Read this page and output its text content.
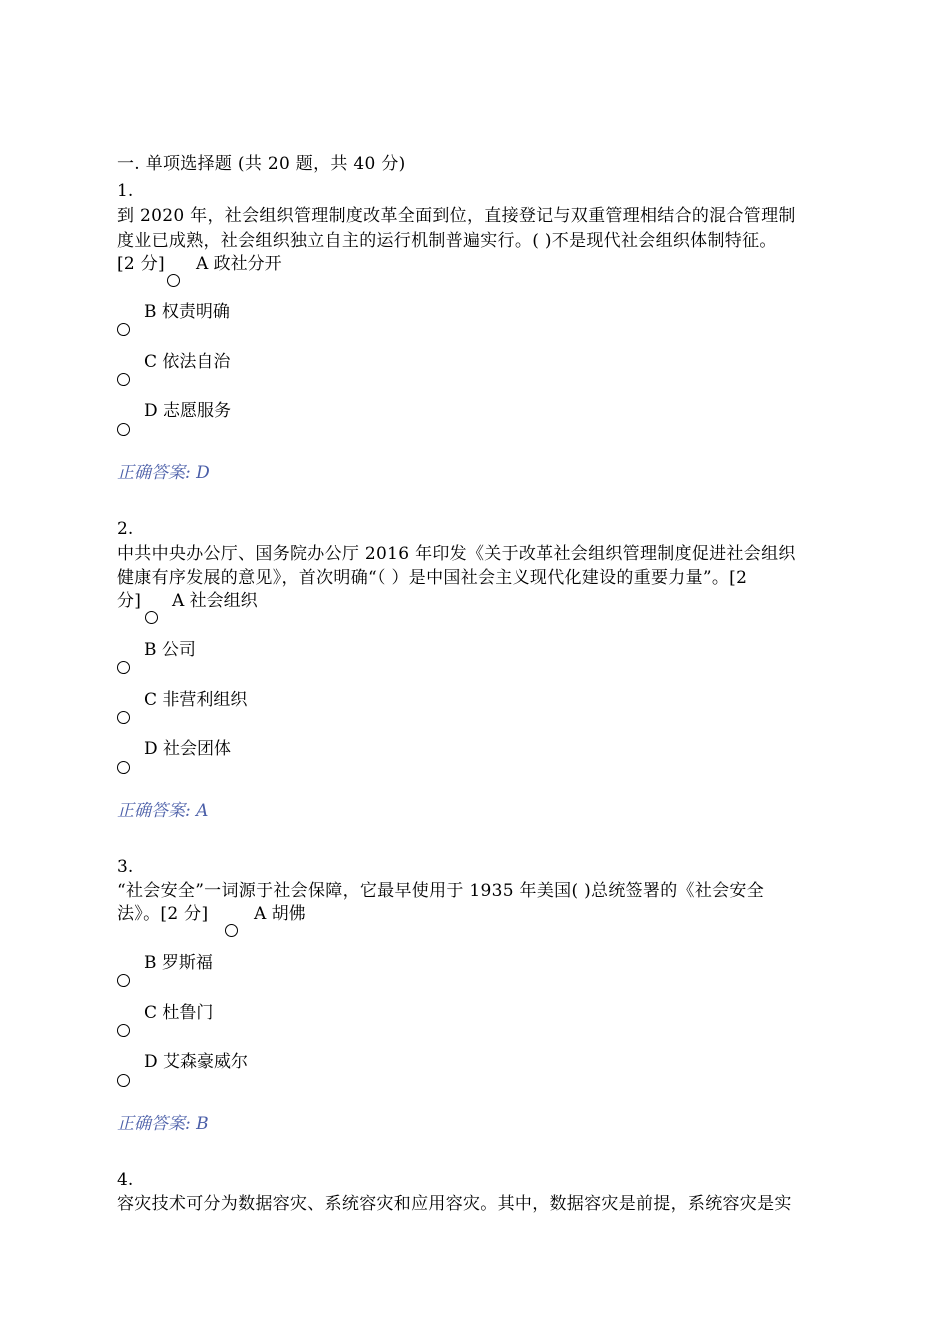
一. 单项选择题 (共 20 题，共 40 分)
1.
到 2020 年，社会组织管理制度改革全面到位，直接登记与双重管理相结合的混合管理制
度业已成熟，社会组织独立自主的运行机制普遍实行。( )不是现代社会组织体制特征。
[2 分] A 政社分开
B 权责明确
C 依法自治
D 志愿服务
正确答案: D
2.
中共中央办公厅、国务院办公厅 2016 年印发《关于改革社会组织管理制度促进社会组织
健康有序发展的意见》，首次明确“（ ）是中国社会主义现代化建设的重要力量”。[2
分] A 社会组织
B 公司
C 非营利组织
D 社会团体
正确答案: A
3.
“社会安全”一词源于社会保障，它最早使用于 1935 年美国( )总统签署的《社会安全
法》。[2 分]	A 胡佛
B 罗斯福
C 杜鲁门
D 艾森豪威尔
正确答案: B
4.
容灾技术可分为数据容灾、系统容灾和应用容灾。其中，数据容灾是前提，系统容灾是实
